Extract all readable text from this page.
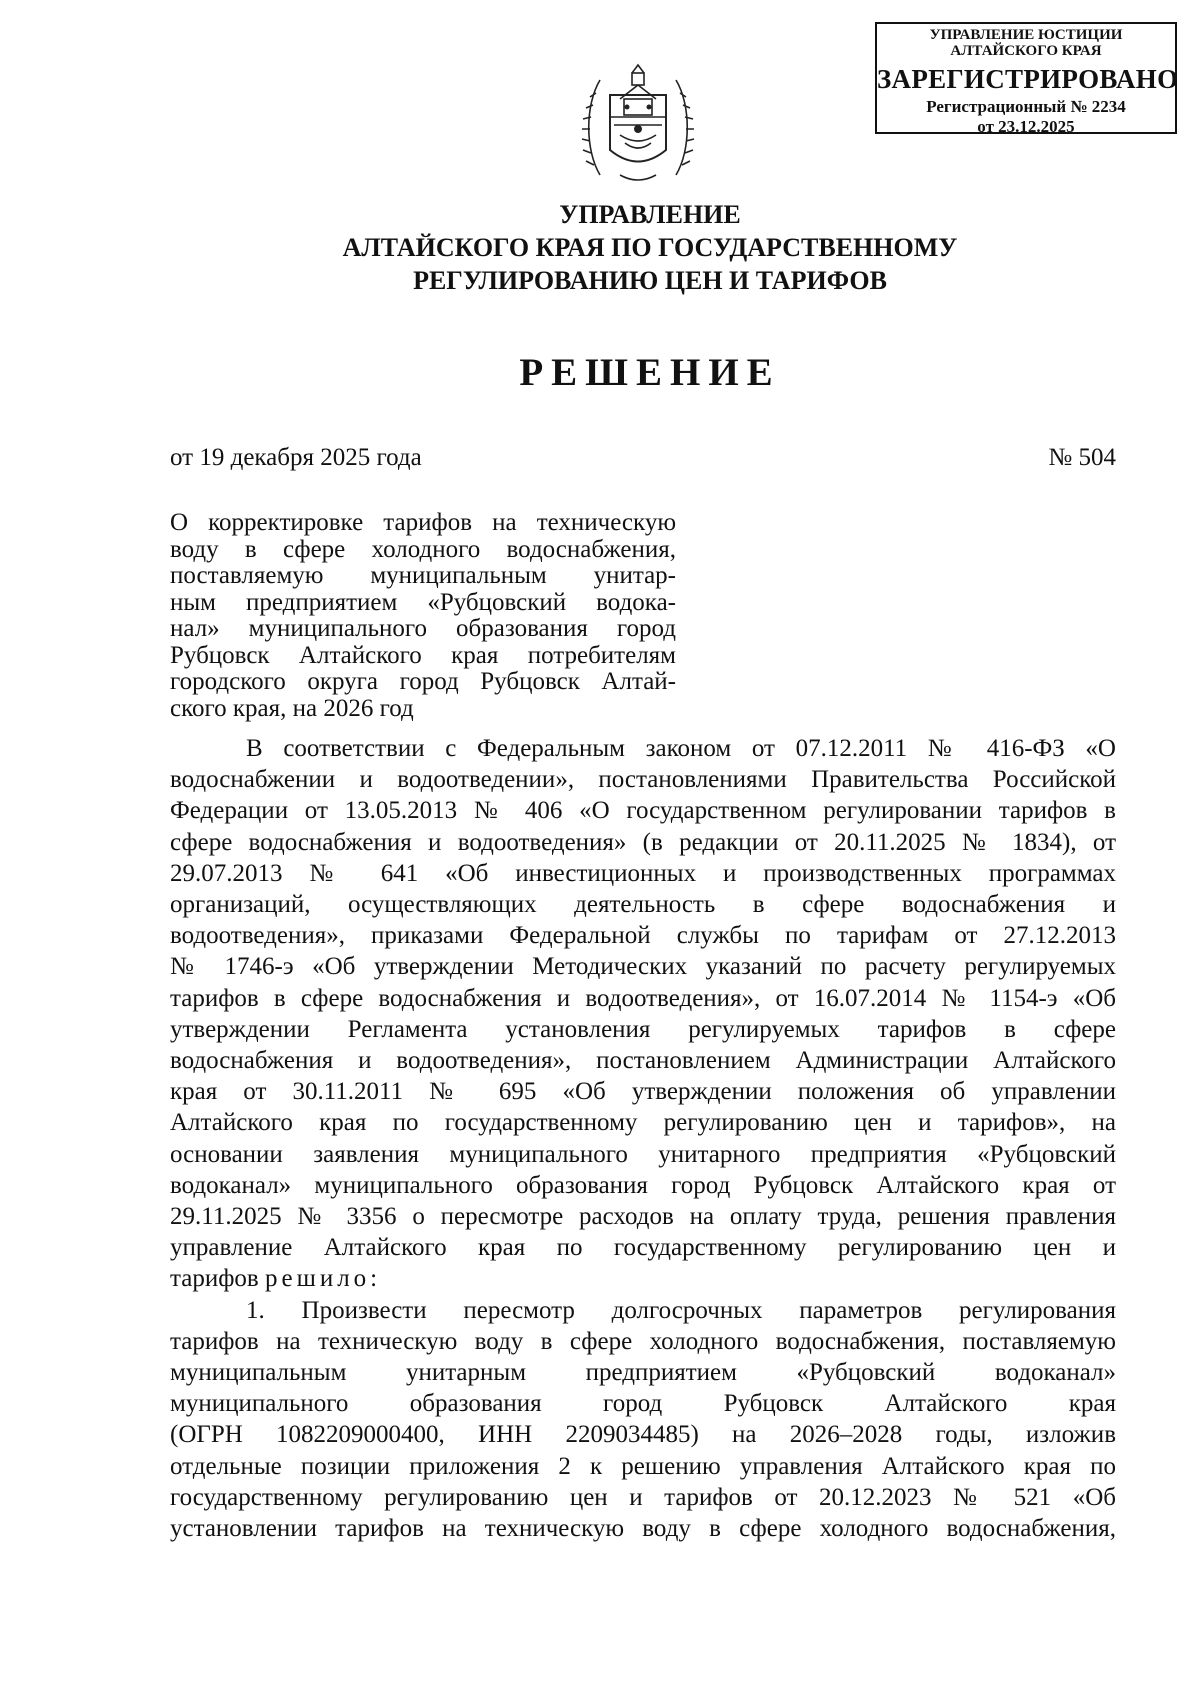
УПРАВЛЕНИЕ ЮСТИЦИИ
АЛТАЙСКОГО КРАЯ
ЗАРЕГИСТРИРОВАНО
Регистрационный № 2234
от 23.12.2025
УПРАВЛЕНИЕ
АЛТАЙСКОГО КРАЯ ПО ГОСУДАРСТВЕННОМУ
РЕГУЛИРОВАНИЮ ЦЕН И ТАРИФОВ
РЕШЕНИЕ
от 19 декабря 2025 года	№ 504
О корректировке тарифов на техническую
воду в сфере холодного водоснабжения,
поставляемую муниципальным унитар-
ным предприятием «Рубцовский водока-
нал» муниципального образования город
Рубцовск Алтайского края потребителям
городского округа город Рубцовск Алтай-
ского края, на 2026 год
В соответствии с Федеральным законом от 07.12.2011 № 416-ФЗ «О
водоснабжении и водоотведении», постановлениями Правительства Российской
Федерации от 13.05.2013 № 406 «О государственном регулировании тарифов в
сфере водоснабжения и водоотведения» (в редакции от 20.11.2025 № 1834), от
29.07.2013 № 641 «Об инвестиционных и производственных программах
организаций, осуществляющих деятельность в сфере водоснабжения и
водоотведения», приказами Федеральной службы по тарифам от 27.12.2013
№ 1746-э «Об утверждении Методических указаний по расчету регулируемых
тарифов в сфере водоснабжения и водоотведения», от 16.07.2014 № 1154-э «Об
утверждении Регламента установления регулируемых тарифов в сфере
водоснабжения и водоотведения», постановлением Администрации Алтайского
края от 30.11.2011 № 695 «Об утверждении положения об управлении
Алтайского края по государственному регулированию цен и тарифов», на
основании заявления муниципального унитарного предприятия «Рубцовский
водоканал» муниципального образования город Рубцовск Алтайского края от
29.11.2025 № 3356 о пересмотре расходов на оплату труда, решения правления
управление Алтайского края по государственному регулированию цен и
тарифов решило:
1. Произвести пересмотр долгосрочных параметров регулирования
тарифов на техническую воду в сфере холодного водоснабжения, поставляемую
муниципальным унитарным предприятием «Рубцовский водоканал»
муниципального образования город Рубцовск Алтайского края
(ОГРН 1082209000400, ИНН 2209034485) на 2026–2028 годы, изложив
отдельные позиции приложения 2 к решению управления Алтайского края по
государственному регулированию цен и тарифов от 20.12.2023 № 521 «Об
установлении тарифов на техническую воду в сфере холодного водоснабжения,
